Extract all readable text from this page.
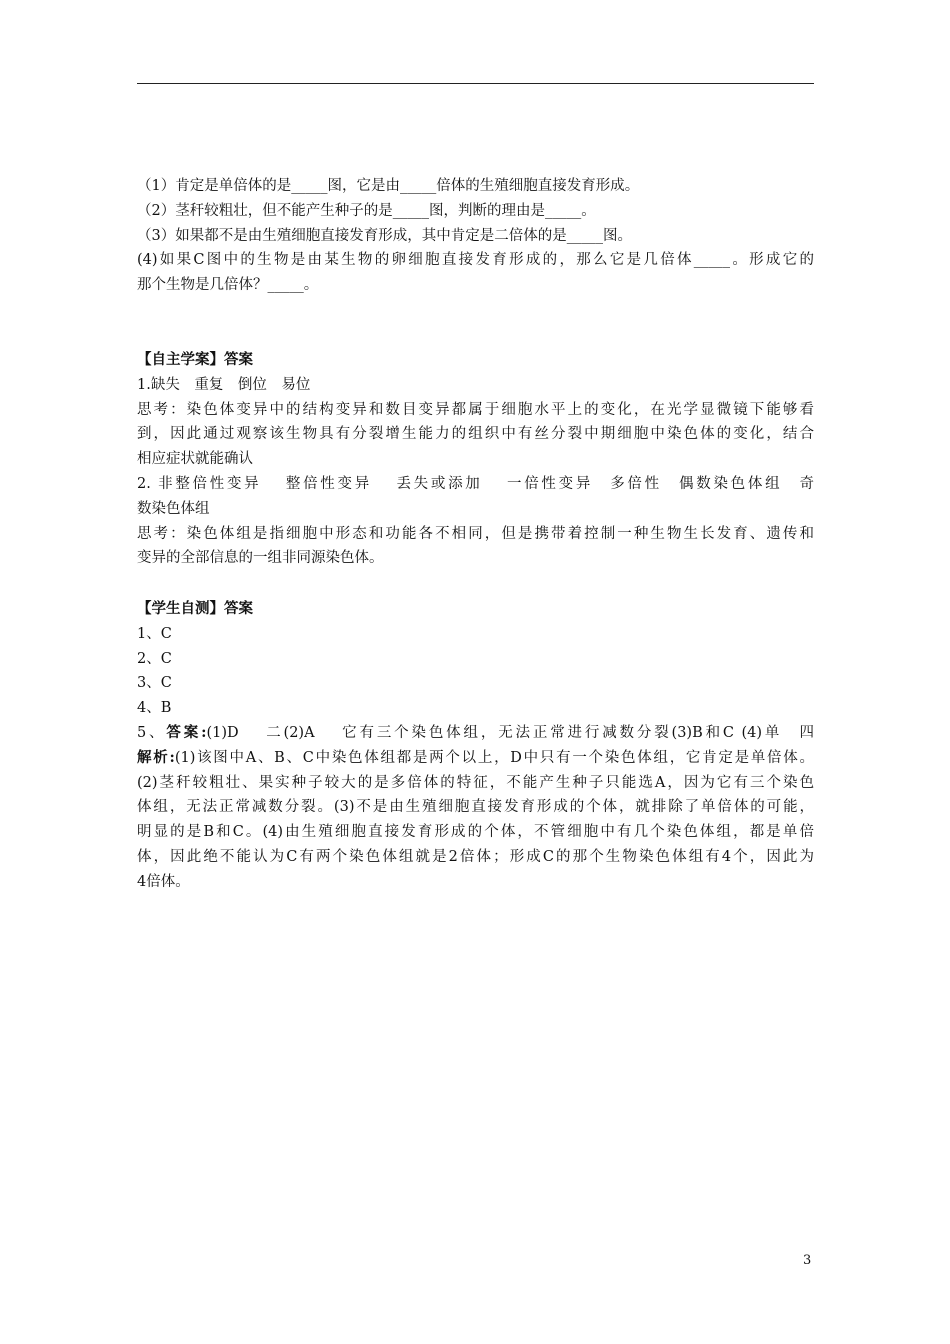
（1）肯定是单倍体的是_____图，它是由_____倍体的生殖细胞直接发育形成。
（2）茎秆较粗壮，但不能产生种子的是_____图，判断的理由是_____。
（3）如果都不是由生殖细胞直接发育形成，其中肯定是二倍体的是_____图。
(4)如果C图中的生物是由某生物的卵细胞直接发育形成的，那么它是几倍体_____。形成它的
那个生物是几倍体？_____。
【自主学案】答案
1.缺失　重复　倒位　易位
思考：染色体变异中的结构变异和数目变异都属于细胞水平上的变化，在光学显微镜下能够看
到，因此通过观察该生物具有分裂增生能力的组织中有丝分裂中期细胞中染色体的变化，结合
相应症状就能确认
2. 非整倍性变异　 整倍性变异　 丢失或添加　 一倍性变异　多倍性　偶数染色体组　奇
数染色体组
思考：染色体组是指细胞中形态和功能各不相同，但是携带着控制一种生物生长发育、遗传和
变异的全部信息的一组非同源染色体。
【学生自测】答案
1、C
2、C
3、C
4、B
5、答案:(1)D　 二(2)A　 它有三个染色体组，无法正常进行减数分裂(3)B和C (4)单　四
解析:(1)该图中A、B、C中染色体组都是两个以上，D中只有一个染色体组，它肯定是单倍体。
(2)茎秆较粗壮、果实种子较大的是多倍体的特征，不能产生种子只能选A，因为它有三个染色
体组，无法正常减数分裂。(3)不是由生殖细胞直接发育形成的个体，就排除了单倍体的可能，
明显的是B和C。(4)由生殖细胞直接发育形成的个体，不管细胞中有几个染色体组，都是单倍
体，因此绝不能认为C有两个染色体组就是2倍体；形成C的那个生物染色体组有4个，因此为
4倍体。
3
